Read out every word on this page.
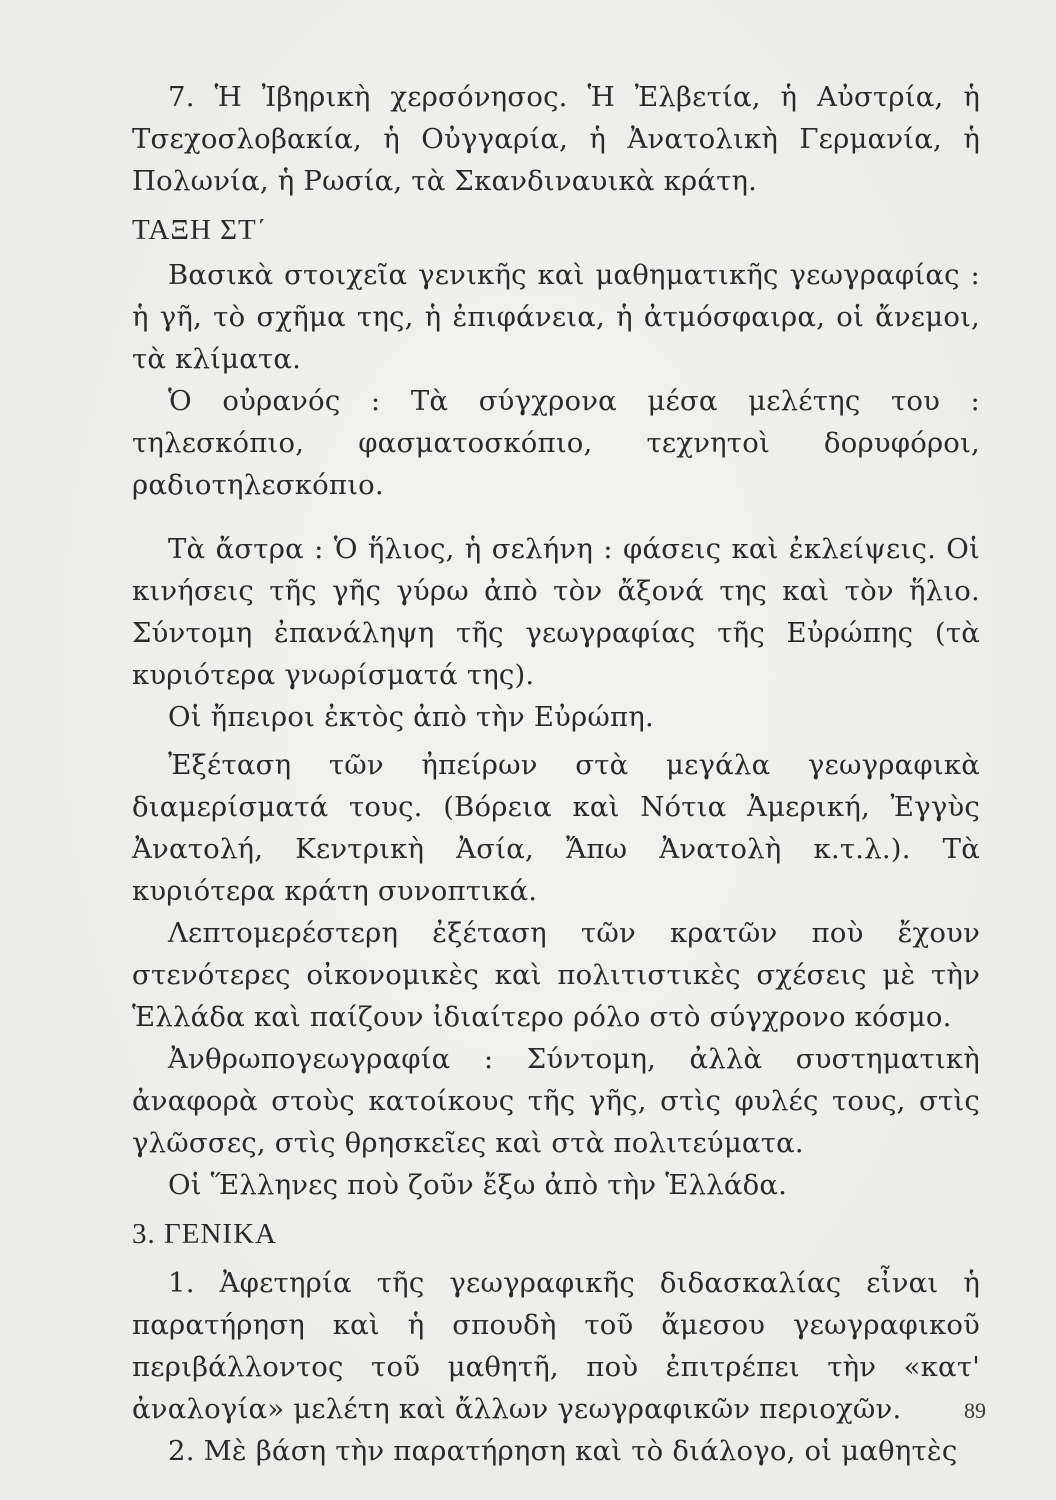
7. Ἡ Ἰβηρικὴ χερσόνησος. Ἡ Ἐλβετία, ἡ Αὐστρία, ἡ Τσεχοσλοβακία, ἡ Οὐγγαρία, ἡ Ἀνατολικὴ Γερμανία, ἡ Πολωνία, ἡ Ρωσία, τὰ Σκανδιναυικὰ κράτη.

ΤΑΞΗ ΣΤ΄

Βασικὰ στοιχεῖα γενικῆς καὶ μαθηματικῆς γεωγραφίας : ἡ γῆ, τὸ σχῆμα της, ἡ ἐπιφάνεια, ἡ ἀτμόσφαιρα, οἱ ἄνεμοι, τὰ κλίματα.

Ὁ οὐρανός : Τὰ σύγχρονα μέσα μελέτης του : τηλεσκόπιο, φασματοσκόπιο, τεχνητοὶ δορυφόροι, ραδιοτηλεσκόπιο.

Τὰ ἄστρα : Ὁ ἥλιος, ἡ σελήνη : φάσεις καὶ ἐκλείψεις. Οἱ κινήσεις τῆς γῆς γύρω ἀπὸ τὸν ἄξονά της καὶ τὸν ἥλιο. Σύντομη ἐπανάληψη τῆς γεωγραφίας τῆς Εὐρώπης (τὰ κυριότερα γνωρίσματά της).

Οἱ ἤπειροι ἐκτὸς ἀπὸ τὴν Εὐρώπη.

Ἐξέταση τῶν ἠπείρων στὰ μεγάλα γεωγραφικὰ διαμερίσματά τους. (Βόρεια καὶ Νότια Ἀμερική, Ἐγγὺς Ἀνατολή, Κεντρικὴ Ἀσία, Ἄπω Ἀνατολὴ κ.τ.λ.). Τὰ κυριότερα κράτη συνοπτικά.

Λεπτομερέστερη ἐξέταση τῶν κρατῶν ποὺ ἔχουν στενότερες οἰκονομικὲς καὶ πολιτιστικὲς σχέσεις μὲ τὴν Ἑλλάδα καὶ παίζουν ἰδιαίτερο ρόλο στὸ σύγχρονο κόσμο.

Ἀνθρωπογεωγραφία : Σύντομη, ἀλλὰ συστηματικὴ ἀναφορὰ στοὺς κατοίκους τῆς γῆς, στὶς φυλές τους, στὶς γλῶσσες, στὶς θρησκεῖες καὶ στὰ πολιτεύματα.

Οἱ Ἕλληνες ποὺ ζοῦν ἔξω ἀπὸ τὴν Ἑλλάδα.

3. ΓΕΝΙΚΑ

1. Ἀφετηρία τῆς γεωγραφικῆς διδασκαλίας εἶναι ἡ παρατήρηση καὶ ἡ σπουδὴ τοῦ ἄμεσου γεωγραφικοῦ περιβάλλοντος τοῦ μαθητῆ, ποὺ ἐπιτρέπει τὴν «κατ' ἀναλογία» μελέτη καὶ ἄλλων γεωγραφικῶν περιοχῶν.

2. Μὲ βάση τὴν παρατήρηση καὶ τὸ διάλογο, οἱ μαθητὲς

89
